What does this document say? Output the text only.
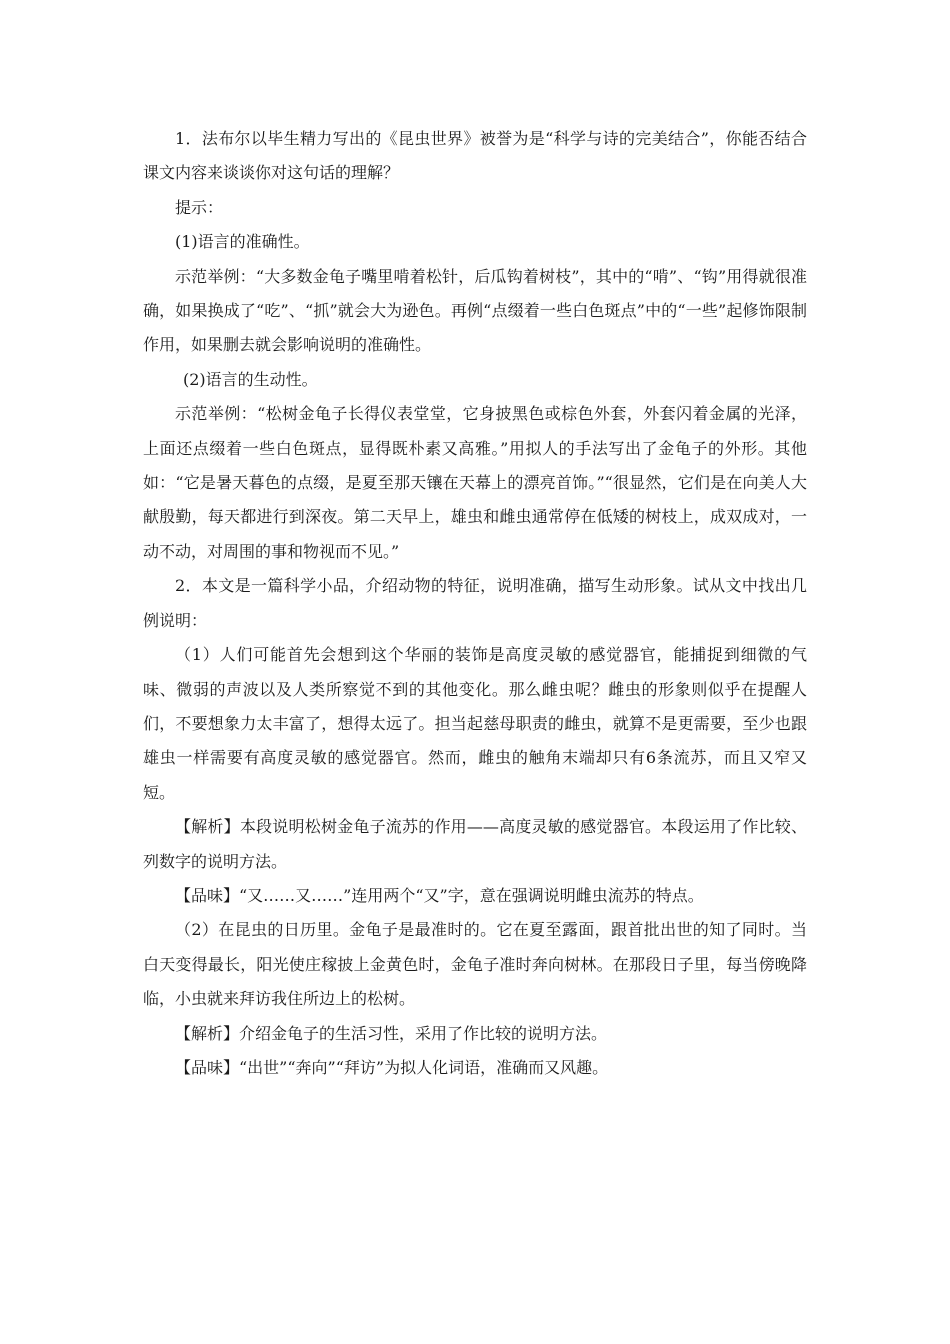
1．法布尔以毕生精力写出的《昆虫世界》被誉为是“科学与诗的完美结合”，你能否结合课文内容来谈谈你对这句话的理解？

提示：

(1)语言的准确性。

示范举例：“大多数金龟子嘴里啃着松针，后瓜钩着树枝”，其中的“啃”、“钩”用得就很准确，如果换成了“吃”、“抓”就会大为逊色。再例“点缀着一些白色斑点”中的“一些”起修饰限制作用，如果删去就会影响说明的准确性。

(2)语言的生动性。

示范举例：“松树金龟子长得仪表堂堂，它身披黑色或棕色外套，外套闪着金属的光泽，上面还点缀着一些白色斑点，显得既朴素又高雅。”用拟人的手法写出了金龟子的外形。其他如：“它是暑天暮色的点缀，是夏至那天镶在天幕上的漂亮首饰。”“很显然，它们是在向美人大献殷勤，每天都进行到深夜。第二天早上，雄虫和雌虫通常停在低矮的树枝上，成双成对，一动不动，对周围的事和物视而不见。”

2．本文是一篇科学小品，介绍动物的特征，说明准确，描写生动形象。试从文中找出几例说明：

（1）人们可能首先会想到这个华丽的装饰是高度灵敏的感觉器官，能捕捉到细微的气味、微弱的声波以及人类所察觉不到的其他变化。那么雌虫呢？雌虫的形象则似乎在提醒人们，不要想象力太丰富了，想得太远了。担当起慈母职责的雌虫，就算不是更需要，至少也跟雄虫一样需要有高度灵敏的感觉器官。然而，雌虫的触角末端却只有6条流苏，而且又窄又短。

【解析】本段说明松树金龟子流苏的作用——高度灵敏的感觉器官。本段运用了作比较、列数字的说明方法。

【品味】“又……又……”连用两个“又”字，意在强调说明雌虫流苏的特点。

（2）在昆虫的日历里。金龟子是最准时的。它在夏至露面，跟首批出世的知了同时。当白天变得最长，阳光使庄稼披上金黄色时，金龟子准时奔向树林。在那段日子里，每当傍晚降临，小虫就来拜访我住所边上的松树。

【解析】介绍金龟子的生活习性，采用了作比较的说明方法。

【品味】“出世”“奔向”“拜访”为拟人化词语，准确而又风趣。
